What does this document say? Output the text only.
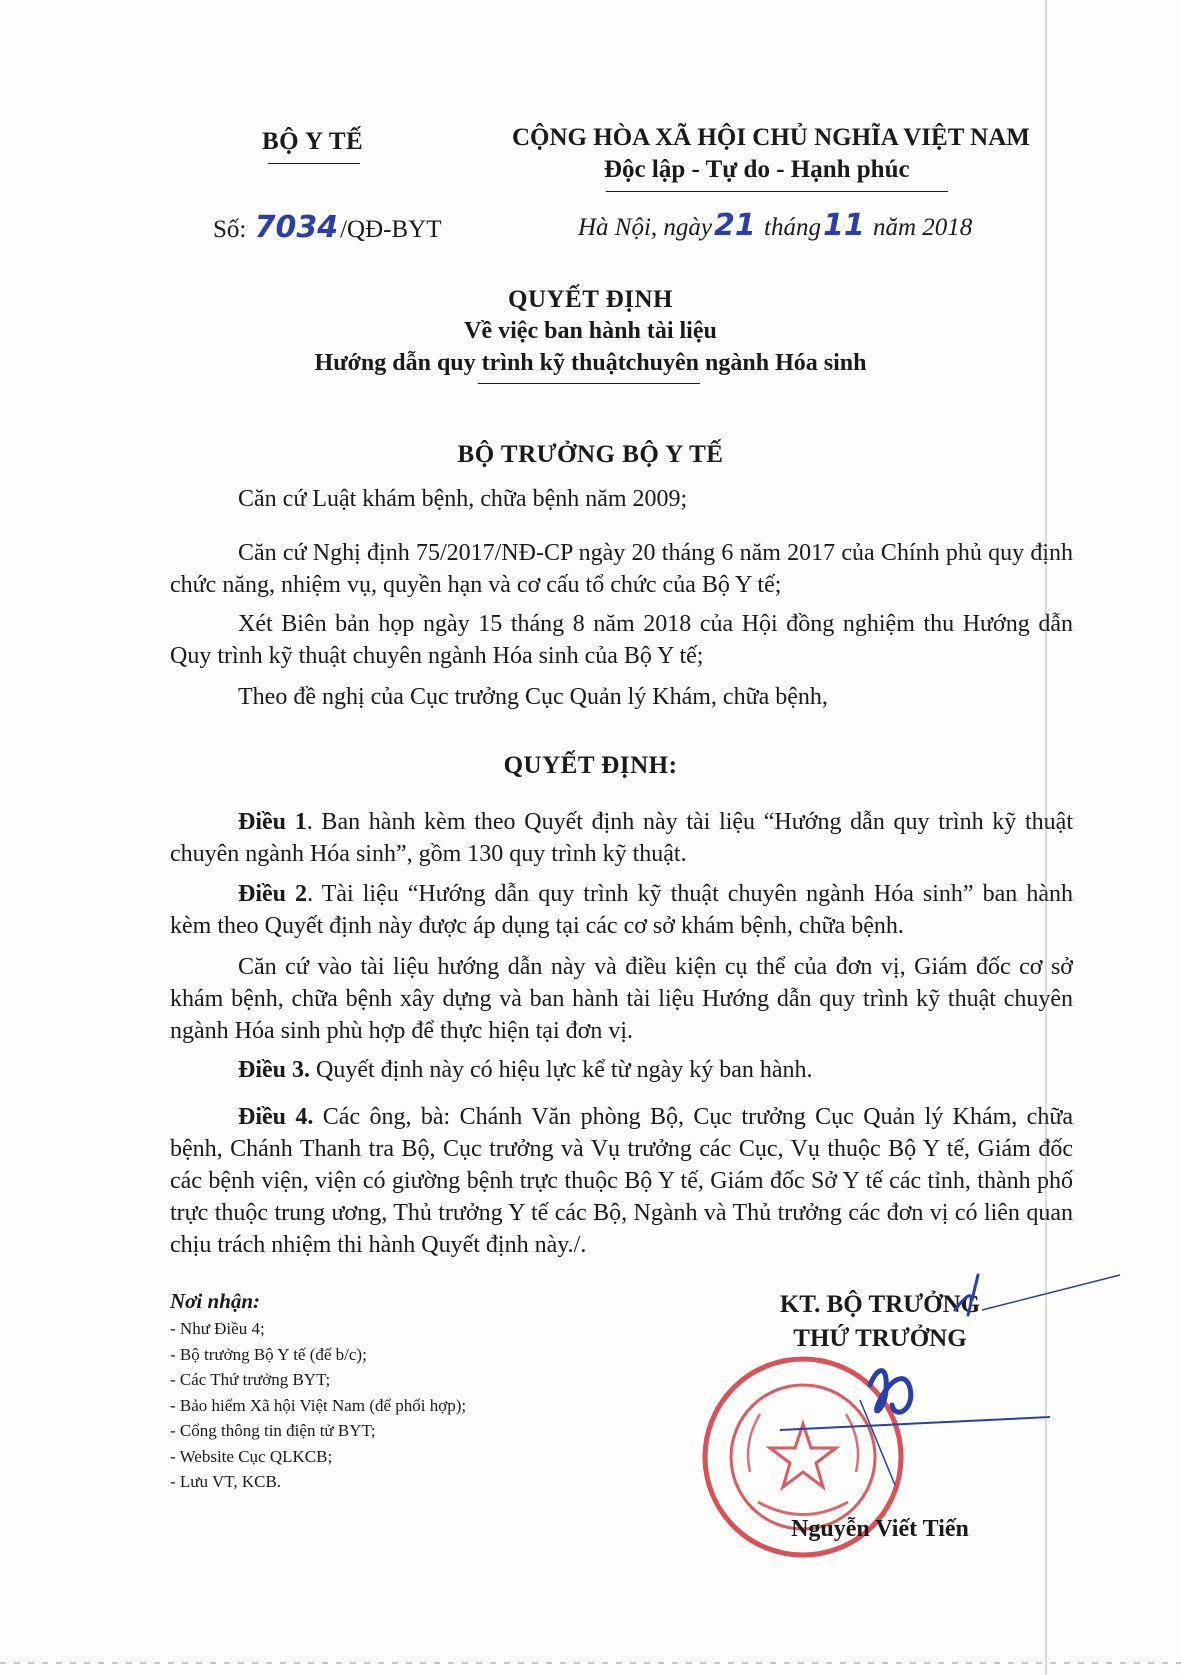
BỘ Y TẾ	CỘNG HÒA XÃ HỘI CHỦ NGHĨA VIỆT NAM
Độc lập - Tự do - Hạnh phúc
Số: 7034/QĐ-BYT	Hà Nội, ngày21 tháng11 năm 2018
QUYẾT ĐỊNH
Về việc ban hành tài liệu
Hướng dẫn quy trình kỹ thuậtchuyên ngành Hóa sinh
BỘ TRƯỞNG BỘ Y TẾ
Căn cứ Luật khám bệnh, chữa bệnh năm 2009;
Căn cứ Nghị định 75/2017/NĐ-CP ngày 20 tháng 6 năm 2017 của Chính phủ quy định chức năng, nhiệm vụ, quyền hạn và cơ cấu tổ chức của Bộ Y tế;
Xét Biên bản họp ngày 15 tháng 8 năm 2018 của Hội đồng nghiệm thu Hướng dẫn Quy trình kỹ thuật chuyên ngành Hóa sinh của Bộ Y tế;
Theo đề nghị của Cục trưởng Cục Quản lý Khám, chữa bệnh,
QUYẾT ĐỊNH:
Điều 1. Ban hành kèm theo Quyết định này tài liệu “Hướng dẫn quy trình kỹ thuật chuyên ngành Hóa sinh”, gồm 130 quy trình kỹ thuật.
Điều 2. Tài liệu “Hướng dẫn quy trình kỹ thuật chuyên ngành Hóa sinh” ban hành kèm theo Quyết định này được áp dụng tại các cơ sở khám bệnh, chữa bệnh.
Căn cứ vào tài liệu hướng dẫn này và điều kiện cụ thể của đơn vị, Giám đốc cơ sở khám bệnh, chữa bệnh xây dựng và ban hành tài liệu Hướng dẫn quy trình kỹ thuật chuyên ngành Hóa sinh phù hợp để thực hiện tại đơn vị.
Điều 3. Quyết định này có hiệu lực kể từ ngày ký ban hành.
Điều 4. Các ông, bà: Chánh Văn phòng Bộ, Cục trưởng Cục Quản lý Khám, chữa bệnh, Chánh Thanh tra Bộ, Cục trưởng và Vụ trưởng các Cục, Vụ thuộc Bộ Y tế, Giám đốc các bệnh viện, viện có giường bệnh trực thuộc Bộ Y tế, Giám đốc Sở Y tế các tỉnh, thành phố trực thuộc trung ương, Thủ trưởng Y tế các Bộ, Ngành và Thủ trưởng các đơn vị có liên quan chịu trách nhiệm thi hành Quyết định này./.
Nơi nhận:
- Như Điều 4;
- Bộ trưởng Bộ Y tế (để b/c);
- Các Thứ trưởng BYT;
- Bảo hiểm Xã hội Việt Nam (để phối hợp);
- Cổng thông tin điện tử BYT;
- Website Cục QLKCB;
- Lưu VT, KCB.
KT. BỘ TRƯỞNG
THỨ TRƯỞNG
Nguyễn Viết Tiến
